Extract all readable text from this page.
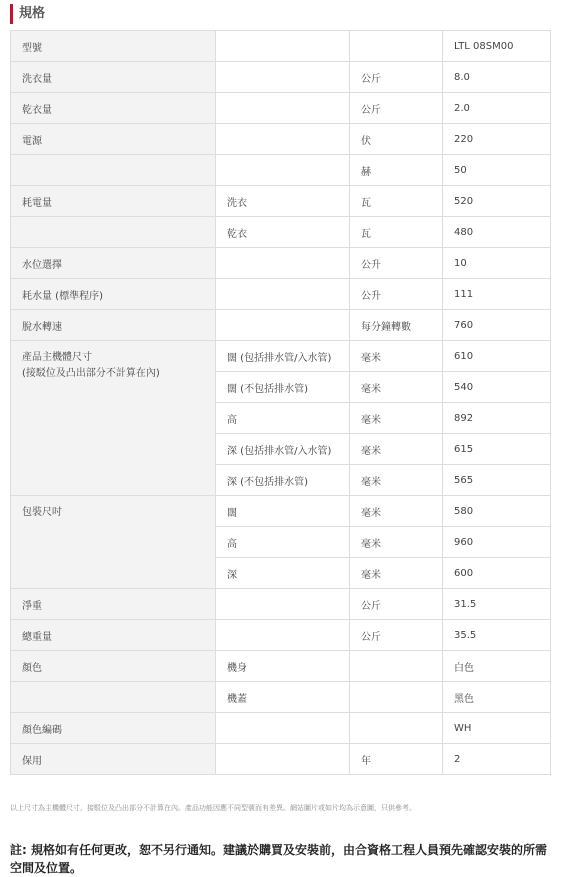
規格
型號			LTL 08SM00
洗衣量		公斤	8.0
乾衣量		公斤	2.0
電源		伏	220
		赫	50
耗電量	洗衣	瓦	520
	乾衣	瓦	480
水位選擇		公升	10
耗水量 (標準程序)		公升	111
脫水轉速		每分鐘轉數	760
產品主機體尺寸
(接駁位及凸出部分不計算在內)	闊 (包括排水管/入水管)	毫米	610
	闊 (不包括排水管)	毫米	540
	高	毫米	892
	深 (包括排水管/入水管)	毫米	615
	深 (不包括排水管)	毫米	565
包裝尺吋	闊	毫米	580
	高	毫米	960
	深	毫米	600
淨重		公斤	31.5
總重量		公斤	35.5
顏色	機身		白色
	機蓋		黑色
顏色編碼			WH
保用		年	2
以上尺寸為主機體尺寸，接駁位及凸出部分不計算在內。產品功能因應不同型號而有差異。網站圖片或如片均為示意圖，只供參考。
註: 規格如有任何更改，恕不另行通知。建議於購買及安裝前，由合資格工程人員預先確認安裝的所需空間及位置。
